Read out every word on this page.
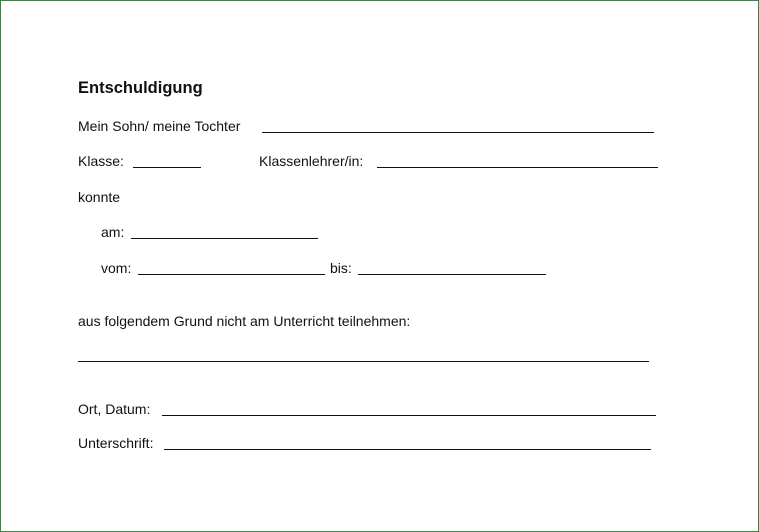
Entschuldigung
Mein Sohn/ meine Tochter
Klasse:	Klassenlehrer/in:
konnte
am:
vom:	bis:
aus folgendem Grund nicht am Unterricht teilnehmen:
Ort, Datum:
Unterschrift:
